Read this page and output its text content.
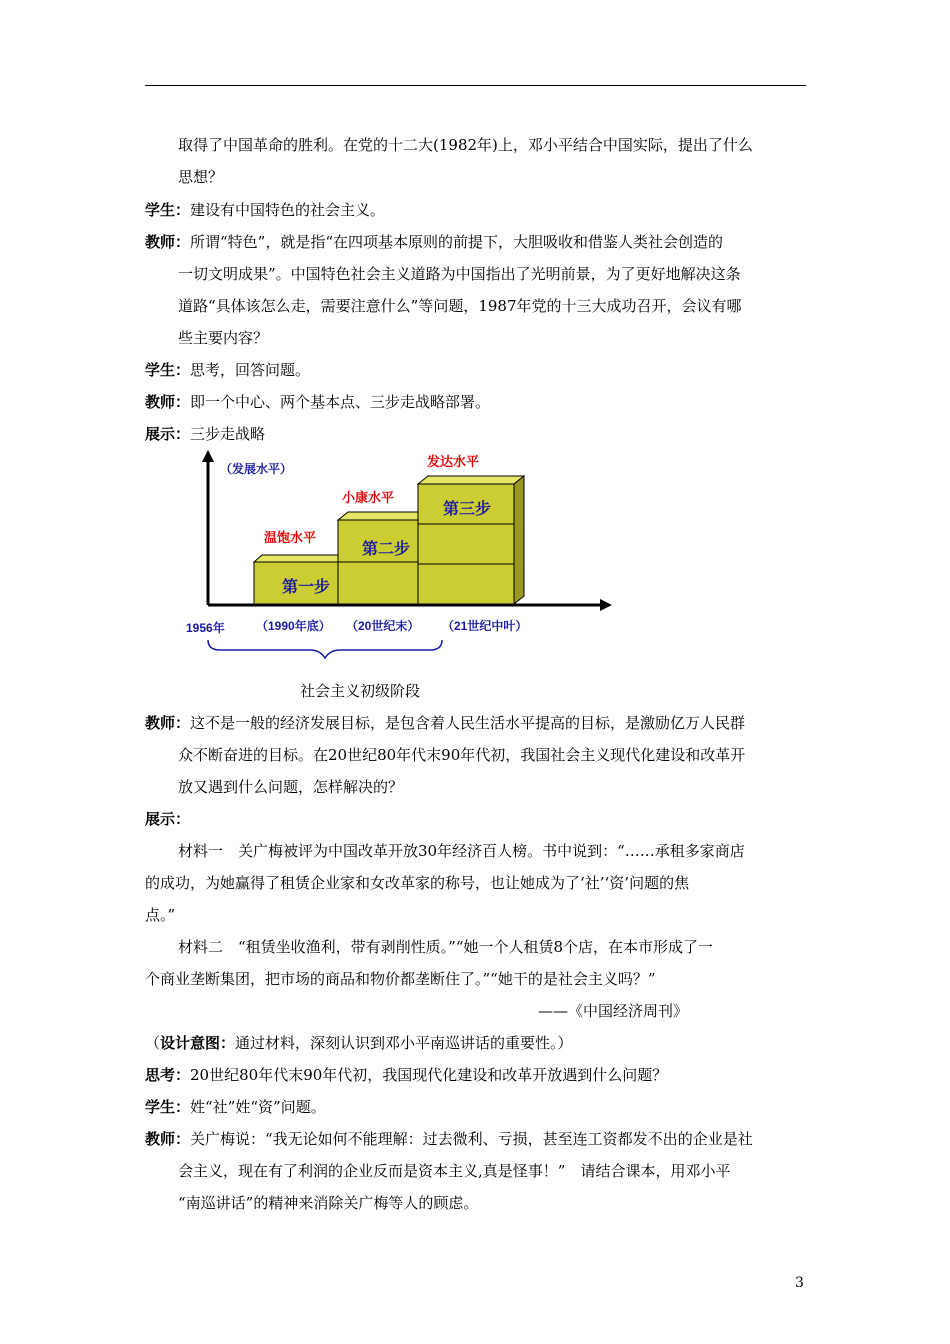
取得了中国革命的胜利。在党的十二大(1982年)上，邓小平结合中国实际，提出了什么
思想？
学生：建设有中国特色的社会主义。
教师：所谓“特色”，就是指“在四项基本原则的前提下，大胆吸收和借鉴人类社会创造的
一切文明成果”。中国特色社会主义道路为中国指出了光明前景，为了更好地解决这条
道路“具体该怎么走，需要注意什么”等问题，1987年党的十三大成功召开，会议有哪
些主要内容？
学生：思考，回答问题。
教师：即一个中心、两个基本点、三步走战略部署。
展示：三步走战略
（发展水平）
第一步
第二步
第三步
温饱水平
小康水平
发达水平
1956年	（1990年底） （20世纪末） （21世纪中叶）
社会主义初级阶段
教师：这不是一般的经济发展目标，是包含着人民生活水平提高的目标，是激励亿万人民群
众不断奋进的目标。在20世纪80年代末90年代初，我国社会主义现代化建设和改革开
放又遇到什么问题，怎样解决的？
展示：
材料一　关广梅被评为中国改革开放30年经济百人榜。书中说到：“……承租多家商店
的成功，为她赢得了租赁企业家和女改革家的称号，也让她成为了‘社’‘资’问题的焦
点。”
材料二　“租赁坐收渔利，带有剥削性质。”“她一个人租赁8个店，在本市形成了一
个商业垄断集团，把市场的商品和物价都垄断住了。”“她干的是社会主义吗？”
——《中国经济周刊》
（设计意图：通过材料，深刻认识到邓小平南巡讲话的重要性。）
思考：20世纪80年代末90年代初，我国现代化建设和改革开放遇到什么问题？
学生：姓“社”姓“资”问题。
教师：关广梅说：“我无论如何不能理解：过去微利、亏损，甚至连工资都发不出的企业是社
会主义，现在有了利润的企业反而是资本主义,真是怪事！”　请结合课本，用邓小平
“南巡讲话”的精神来消除关广梅等人的顾虑。
3
